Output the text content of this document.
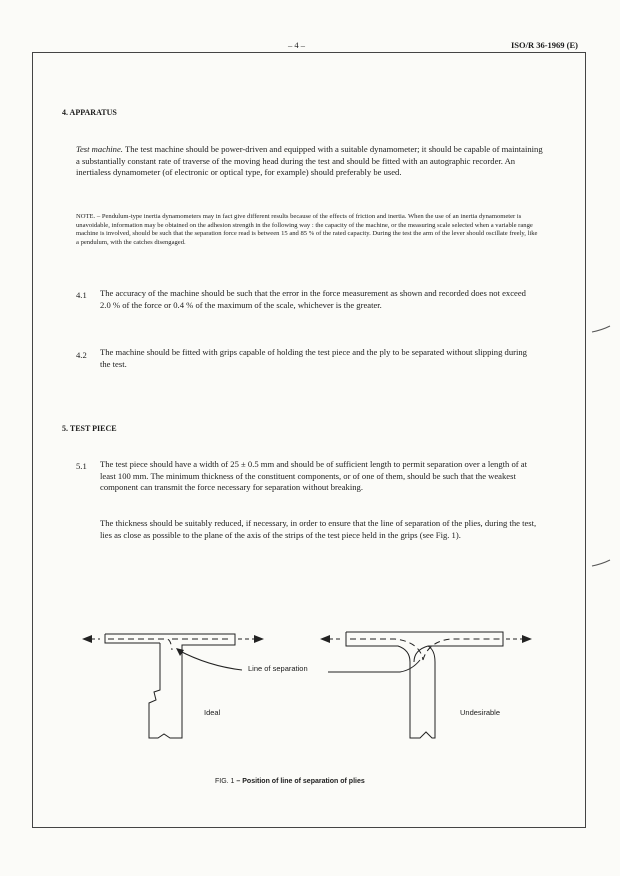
– 4 –	ISO/R 36-1969 (E)
4. APPARATUS
Test machine. The test machine should be power-driven and equipped with a suitable dynamometer; it should be capable of maintaining a substantially constant rate of traverse of the moving head during the test and should be fitted with an autographic recorder. An inertialess dynamometer (of electronic or optical type, for example) should preferably be used.
NOTE. – Pendulum-type inertia dynamometers may in fact give different results because of the effects of friction and inertia. When the use of an inertia dynamometer is unavoidable, information may be obtained on the adhesion strength in the following way : the capacity of the machine, or the measuring scale selected when a variable range machine is involved, should be such that the separation force read is between 15 and 85 % of the rated capacity. During the test the arm of the lever should oscillate freely, like a pendulum, with the catches disengaged.
4.1 The accuracy of the machine should be such that the error in the force measurement as shown and recorded does not exceed 2.0 % of the force or 0.4 % of the maximum of the scale, whichever is the greater.
4.2 The machine should be fitted with grips capable of holding the test piece and the ply to be separated without slipping during the test.
5. TEST PIECE
5.1 The test piece should have a width of 25 ± 0.5 mm and should be of sufficient length to permit separation over a length of at least 100 mm. The minimum thickness of the constituent components, or of one of them, should be such that the weakest component can transmit the force necessary for separation without breaking.
The thickness should be suitably reduced, if necessary, in order to ensure that the line of separation of the plies, during the test, lies as close as possible to the plane of the axis of the strips of the test piece held in the grips (see Fig. 1).
Line of separation
Ideal	Undesirable
FIG. 1 – Position of line of separation of plies
